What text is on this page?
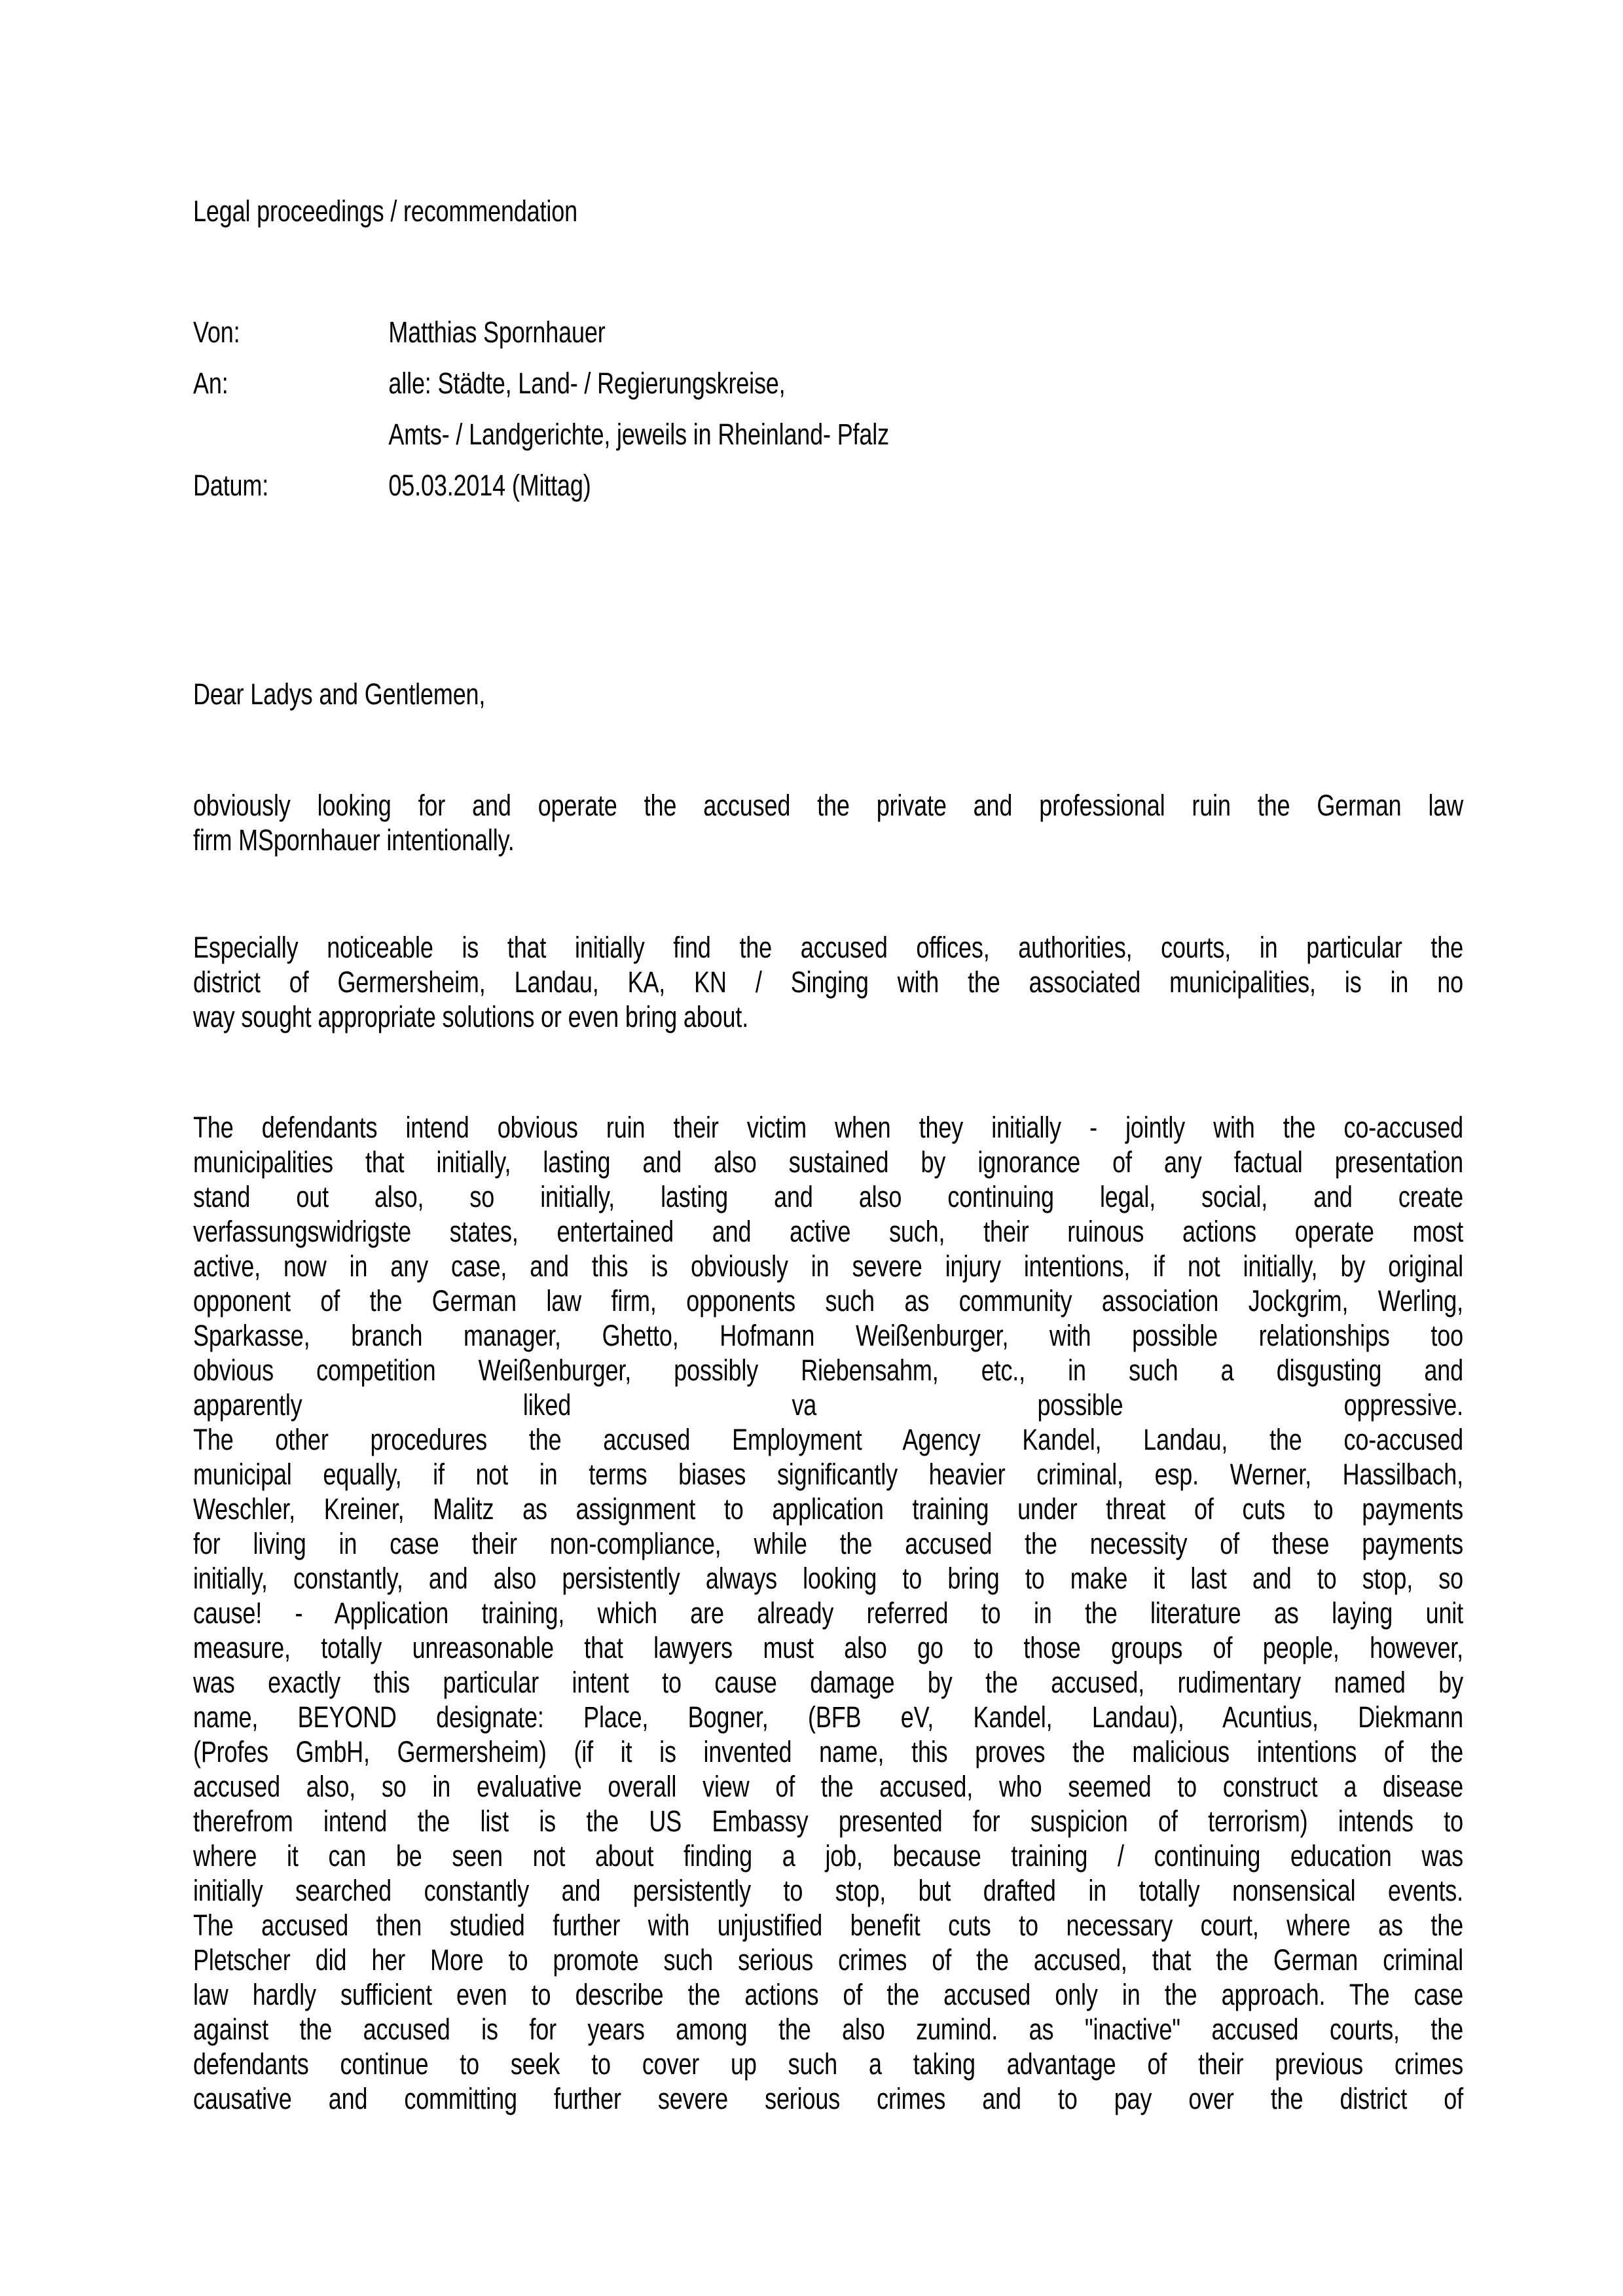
Legal proceedings / recommendation
Von:	Matthias Spornhauer
An:	alle: Städte, Land- / Regierungskreise,
Amts- / Landgerichte, jeweils in Rheinland- Pfalz
Datum:	05.03.2014 (Mittag)
Dear Ladys and Gentlemen,
obviously looking for and operate the accused the private and professional ruin the German law
firm MSpornhauer intentionally.
Especially noticeable is that initially find the accused offices, authorities, courts, in particular the
district of Germersheim, Landau, KA, KN / Singing with the associated municipalities, is in no
way sought appropriate solutions or even bring about.
The defendants intend obvious ruin their victim when they initially - jointly with the co-accused
municipalities that initially, lasting and also sustained by ignorance of any factual presentation
stand out also, so initially, lasting and also continuing legal, social, and create
verfassungswidrigste states, entertained and active such, their ruinous actions operate most
active, now in any case, and this is obviously in severe injury intentions, if not initially, by original
opponent of the German law firm, opponents such as community association Jockgrim, Werling,
Sparkasse, branch manager, Ghetto, Hofmann Weißenburger, with possible relationships too
obvious competition Weißenburger, possibly Riebensahm, etc., in such a disgusting and
apparently liked va possible oppressive.
The other procedures the accused Employment Agency Kandel, Landau, the co-accused
municipal equally, if not in terms biases significantly heavier criminal, esp. Werner, Hassilbach,
Weschler, Kreiner, Malitz as assignment to application training under threat of cuts to payments
for living in case their non-compliance, while the accused the necessity of these payments
initially, constantly, and also persistently always looking to bring to make it last and to stop, so
cause! - Application training, which are already referred to in the literature as laying unit
measure, totally unreasonable that lawyers must also go to those groups of people, however,
was exactly this particular intent to cause damage by the accused, rudimentary named by
name, BEYOND designate: Place, Bogner, (BFB eV, Kandel, Landau), Acuntius, Diekmann
(Profes GmbH, Germersheim) (if it is invented name, this proves the malicious intentions of the
accused also, so in evaluative overall view of the accused, who seemed to construct a disease
therefrom intend the list is the US Embassy presented for suspicion of terrorism) intends to
where it can be seen not about finding a job, because training / continuing education was
initially searched constantly and persistently to stop, but drafted in totally nonsensical events.
The accused then studied further with unjustified benefit cuts to necessary court, where as the
Pletscher did her More to promote such serious crimes of the accused, that the German criminal
law hardly sufficient even to describe the actions of the accused only in the approach. The case
against the accused is for years among the also zumind. as "inactive" accused courts, the
defendants continue to seek to cover up such a taking advantage of their previous crimes
causative and committing further severe serious crimes and to pay over the district of
